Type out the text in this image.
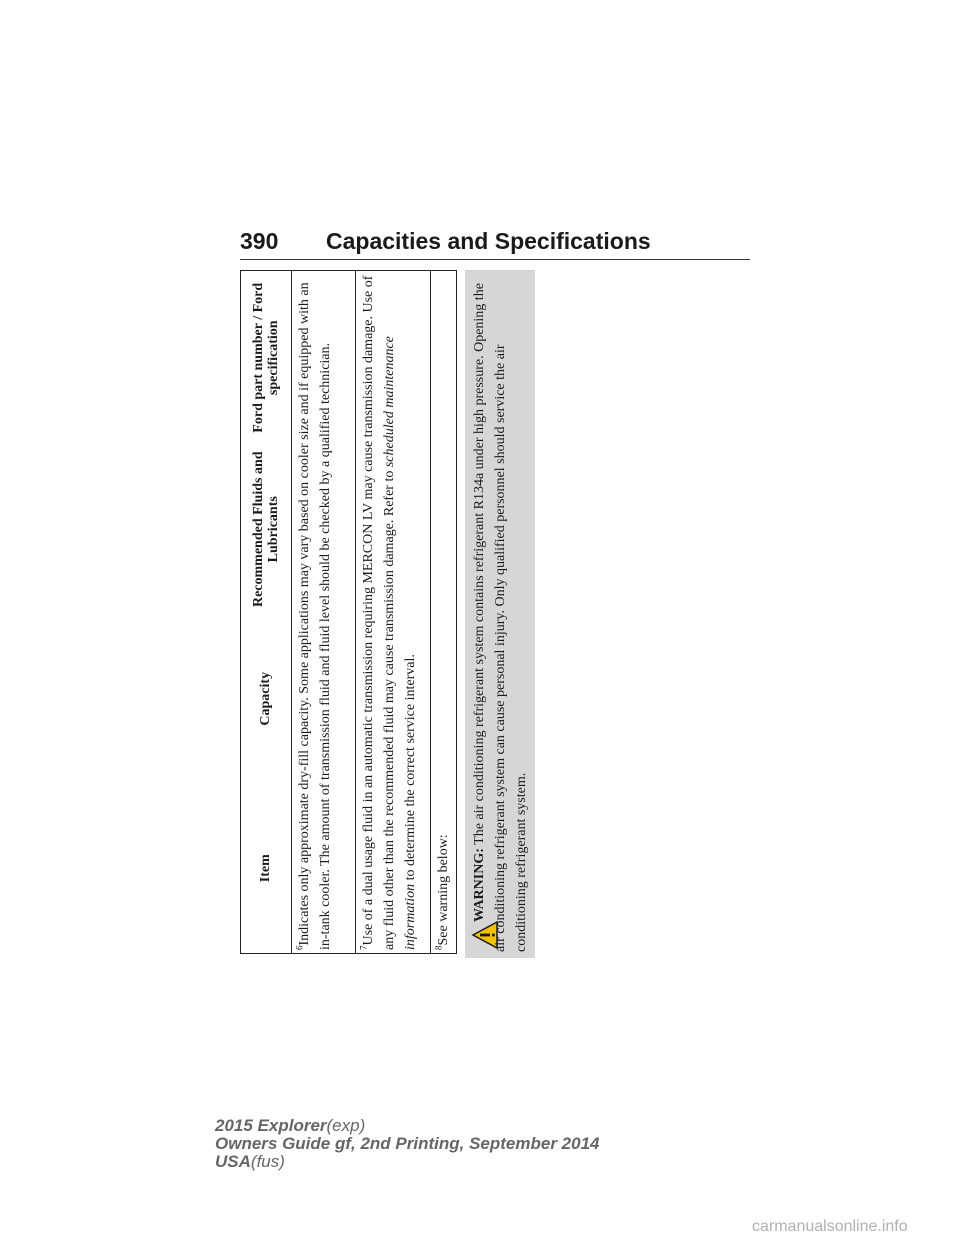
390 Capacities and Specifications
Item
Capacity
Recommended Fluids and Lubricants
Ford part number / Ford specification
$^6$Indicates only approximate dry-fill capacity. Some applications may vary based on cooler size and if equipped with an in-tank cooler. The amount of transmission fluid and fluid level should be checked by a qualified technician.	$^7$Use of a dual usage fluid in an automatic transmission requiring MERCON LV may cause transmission damage. Use of any fluid other than the recommended fluid may cause transmission damage. Refer to scheduled maintenance information to determine the correct service interval.
$^8$See warning below:	WARNING: The air conditioning refrigerant system contains refrigerant R134a under high pressure. Opening the air conditioning refrigerant system can cause personal injury. Only qualified personnel should service the air conditioning refrigerant system.
2015 Explorer(exp)
Owners Guide gf, 2nd Printing, September 2014
USA(fus)
carmanualsonline.info
